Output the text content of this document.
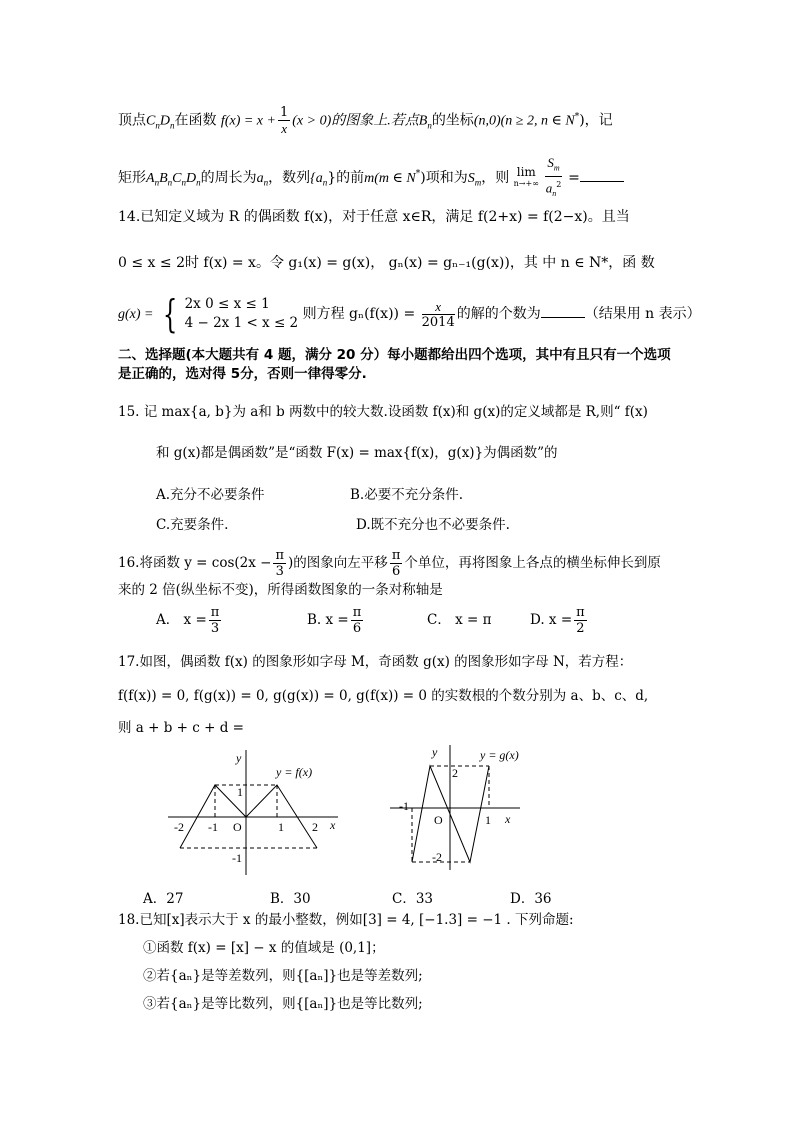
顶点$C_nD_n$在函数 $f(x) = x + \frac{1}{x} (x > 0)$的图象上.若点$B_n$的坐标(n,0)(n ≥ 2, n ∈ N*)，记
矩形$A_nB_nC_nD_n$的周长为$a_n$，数列$\{a_n\}$的前m(m ∈ N*)项和为$S_m$，则 lim
n→+∞
$\frac{S_m}{a_n^2}$ =
14.已知定义域为 R 的偶函数 f(x)，对于任意 x∈R，满足 f(2+x) = f(2−x)。且当
0 ≤ x ≤ 2时 f(x) = x。令 g₁(x) = g(x)， gₙ(x) = gₙ₋₁(g(x))，其 中 n ∈ N*，函 数
g(x) = { 2x 0 ≤ x ≤ 1
4 − 2x 1 < x ≤ 2
则方程 $g_n(f(x)) = \frac{x}{2014}$ 的解的个数为	（结果用 n 表示）
二、选择题(本大题共有 4 题，满分 20 分）每小题都给出四个选项，其中有且只有一个选项
是正确的，选对得 5分，否则一律得零分.
15. 记 max{a, b}为 a和 b 两数中的较大数.设函数 f(x)和 g(x)的定义域都是 R,则“ f(x)
和 g(x)都是偶函数”是“函数 F(x) = max{f(x)，g(x)}为偶函数”的
A.充分不必要条件	B.必要不充分条件.
C.充要条件.	D.既不充分也不必要条件.
16.将函数 $y = \cos(2x - \frac{\pi}{3}$ )的图象向左平移 $\frac{\pi}{6}$ 个单位，再将图象上各点的横坐标伸长到原
来的 2 倍(纵坐标不变)，所得函数图象的一条对称轴是
A． $x = \frac{\pi}{3}$	B. $x = \frac{\pi}{6}$	C． x = π	D. $x = \frac{\pi}{2}$
17.如图，偶函数 f(x) 的图象形如字母 M，奇函数 g(x) 的图象形如字母 N，若方程：
f(f(x)) = 0, f(g(x)) = 0, g(g(x)) = 0, g(f(x)) = 0 的实数根的个数分别为 a、b、c、d,
则 a + b + c + d =
y
y = f(x)
x
O
-2 -1	1 2
1
-1
y	y = g(x)
x
O
-1
1
2
-2
A．27	B．30	C．33	D．36
18.已知[x]表示大于 x 的最小整数，例如[3] = 4, [−1.3] = −1 . 下列命题:
①函数 f(x) = [x] − x 的值域是 (0,1]；
②若{aₙ}是等差数列，则{[aₙ]}也是等差数列;
③若{aₙ}是等比数列，则{[aₙ]}也是等比数列;
